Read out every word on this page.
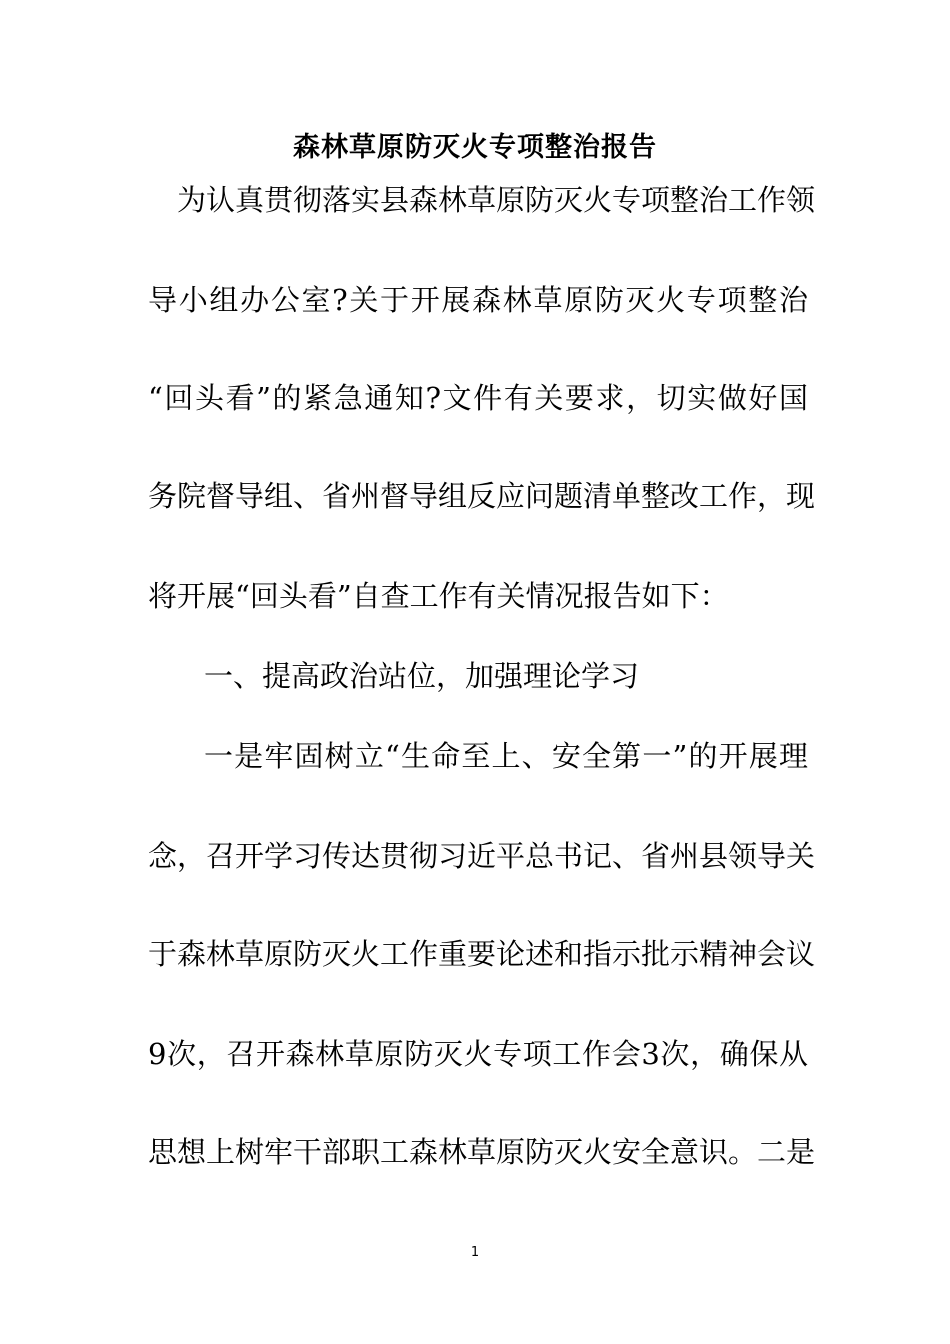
森林草原防灭火专项整治报告
为认真贯彻落实县森林草原防灭火专项整治工作领
导小组办公室?关于开展森林草原防灭火专项整治
“回头看”的紧急通知?文件有关要求，切实做好国
务院督导组、省州督导组反应问题清单整改工作，现
将开展“回头看”自查工作有关情况报告如下：
一、提高政治站位，加强理论学习
一是牢固树立“生命至上、安全第一”的开展理
念，召开学习传达贯彻习近平总书记、省州县领导关
于森林草原防灭火工作重要论述和指示批示精神会议
9次，召开森林草原防灭火专项工作会3次，确保从
思想上树牢干部职工森林草原防灭火安全意识。二是
1
